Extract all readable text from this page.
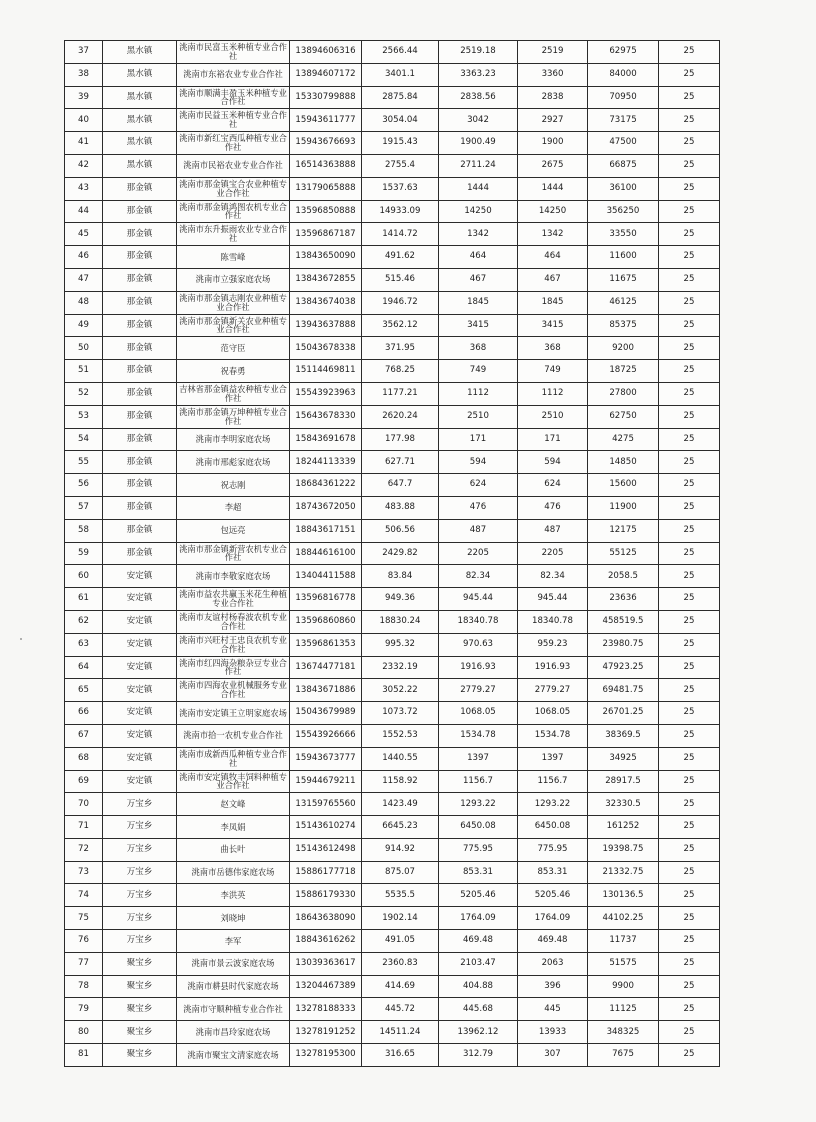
37	黑水镇	洮南市民富玉米种植专业合作社	13894606316	2566.44	2519.18	2519	62975	25
38	黑水镇	洮南市东裕农业专业合作社	13894607172	3401.1	3363.23	3360	84000	25
39	黑水镇	洮南市顺满丰盈玉米种植专业合作社	15330799888	2875.84	2838.56	2838	70950	25
40	黑水镇	洮南市民益玉米种植专业合作社	15943611777	3054.04	3042	2927	73175	25
41	黑水镇	洮南市新红宝西瓜种植专业合作社	15943676693	1915.43	1900.49	1900	47500	25
42	黑水镇	洮南市民裕农业专业合作社	16514363888	2755.4	2711.24	2675	66875	25
43	那金镇	洮南市那金镇宝合农业种植专业合作社	13179065888	1537.63	1444	1444	36100	25
44	那金镇	洮南市那金镇鸿图农机专业合作社	13596850888	14933.09	14250	14250	356250	25
45	那金镇	洮南市东升振雨农业专业合作社	13596867187	1414.72	1342	1342	33550	25
46	那金镇	陈雪峰	13843650090	491.62	464	464	11600	25
47	那金镇	洮南市立强家庭农场	13843672855	515.46	467	467	11675	25
48	那金镇	洮南市那金镇志刚农业种植专业合作社	13843674038	1946.72	1845	1845	46125	25
49	那金镇	洮南市那金镇新关农业种植专业合作社	13943637888	3562.12	3415	3415	85375	25
50	那金镇	范守臣	15043678338	371.95	368	368	9200	25
51	那金镇	祝春勇	15114469811	768.25	749	749	18725	25
52	那金镇	吉林省那金镇益农种植专业合作社	15543923963	1177.21	1112	1112	27800	25
53	那金镇	洮南市那金镇万坤种植专业合作社	15643678330	2620.24	2510	2510	62750	25
54	那金镇	洮南市李明家庭农场	15843691678	177.98	171	171	4275	25
55	那金镇	洮南市邢彪家庭农场	18244113339	627.71	594	594	14850	25
56	那金镇	祝志刚	18684361222	647.7	624	624	15600	25
57	那金镇	李超	18743672050	483.88	476	476	11900	25
58	那金镇	包远亮	18843617151	506.56	487	487	12175	25
59	那金镇	洮南市那金镇新营农机专业合作社	18844616100	2429.82	2205	2205	55125	25
60	安定镇	洮南市李敬家庭农场	13404411588	83.84	82.34	82.34	2058.5	25
61	安定镇	洮南市益农共赢玉米花生种植专业合作社	13596816778	949.36	945.44	945.44	23636	25
62	安定镇	洮南市友谊村杨春波农机专业合作社	13596860860	18830.24	18340.78	18340.78	458519.5	25
63	安定镇	洮南市兴旺村王忠良农机专业合作社	13596861353	995.32	970.63	959.23	23980.75	25
64	安定镇	洮南市红四海杂粮杂豆专业合作社	13674477181	2332.19	1916.93	1916.93	47923.25	25
65	安定镇	洮南市四海农业机械服务专业合作社	13843671886	3052.22	2779.27	2779.27	69481.75	25
66	安定镇	洮南市安定镇王立明家庭农场	15043679989	1073.72	1068.05	1068.05	26701.25	25
67	安定镇	洮南市拾一农机专业合作社	15543926666	1552.53	1534.78	1534.78	38369.5	25
68	安定镇	洮南市成新西瓜种植专业合作社	15943673777	1440.55	1397	1397	34925	25
69	安定镇	洮南市安定镇牧丰饲料种植专业合作社	15944679211	1158.92	1156.7	1156.7	28917.5	25
70	万宝乡	赵文峰	13159765560	1423.49	1293.22	1293.22	32330.5	25
71	万宝乡	李凤娟	15143610274	6645.23	6450.08	6450.08	161252	25
72	万宝乡	曲长叶	15143612498	914.92	775.95	775.95	19398.75	25
73	万宝乡	洮南市岳德伟家庭农场	15886177718	875.07	853.31	853.31	21332.75	25
74	万宝乡	李洪英	15886179330	5535.5	5205.46	5205.46	130136.5	25
75	万宝乡	刘晓坤	18643638090	1902.14	1764.09	1764.09	44102.25	25
76	万宝乡	李军	18843616262	491.05	469.48	469.48	11737	25
77	聚宝乡	洮南市景云波家庭农场	13039363617	2360.83	2103.47	2063	51575	25
78	聚宝乡	洮南市耕县时代家庭农场	13204467389	414.69	404.88	396	9900	25
79	聚宝乡	洮南市守顺种植专业合作社	13278188333	445.72	445.68	445	11125	25
80	聚宝乡	洮南市昌玲家庭农场	13278191252	14511.24	13962.12	13933	348325	25
81	聚宝乡	洮南市聚宝文清家庭农场	13278195300	316.65	312.79	307	7675	25
